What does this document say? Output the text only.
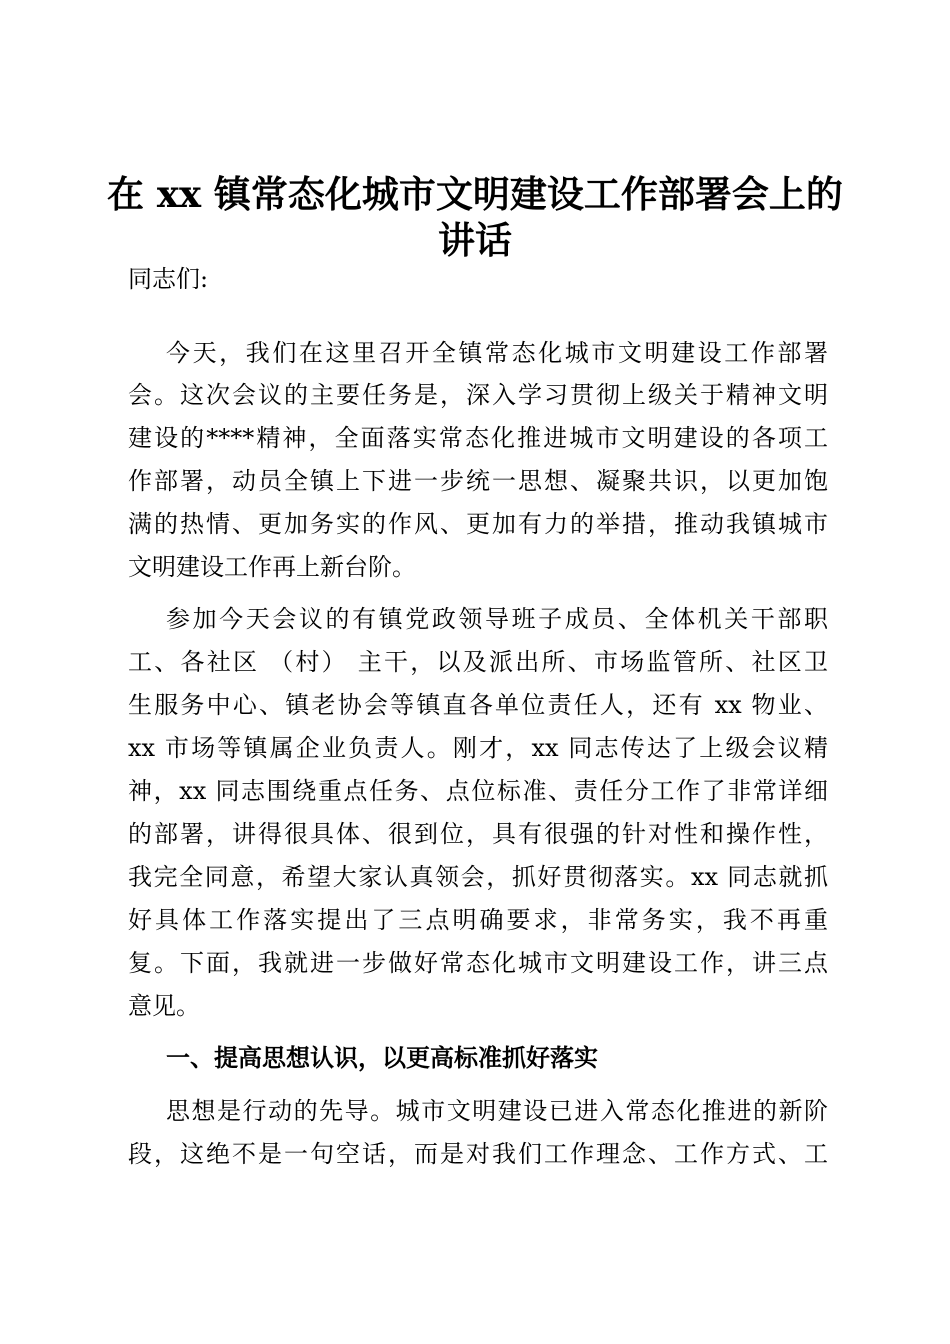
在 xx 镇常态化城市文明建设工作部署会上的
讲话
同志们:
今天，我们在这里召开全镇常态化城市文明建设工作部署
会。这次会议的主要任务是，深入学习贯彻上级关于精神文明
建设的****精神，全面落实常态化推进城市文明建设的各项工
作部署，动员全镇上下进一步统一思想、凝聚共识，以更加饱
满的热情、更加务实的作风、更加有力的举措，推动我镇城市
文明建设工作再上新台阶。
参加今天会议的有镇党政领导班子成员、全体机关干部职
工、各社区 （村） 主干，以及派出所、市场监管所、社区卫
生服务中心、镇老协会等镇直各单位责任人，还有 xx 物业、
xx 市场等镇属企业负责人。刚才，xx 同志传达了上级会议精
神，xx 同志围绕重点任务、点位标准、责任分工作了非常详细
的部署，讲得很具体、很到位，具有很强的针对性和操作性，
我完全同意，希望大家认真领会，抓好贯彻落实。xx 同志就抓
好具体工作落实提出了三点明确要求，非常务实，我不再重
复。下面，我就进一步做好常态化城市文明建设工作，讲三点
意见。
一、提高思想认识，以更高标准抓好落实
思想是行动的先导。城市文明建设已进入常态化推进的新阶
段，这绝不是一句空话，而是对我们工作理念、工作方式、工
